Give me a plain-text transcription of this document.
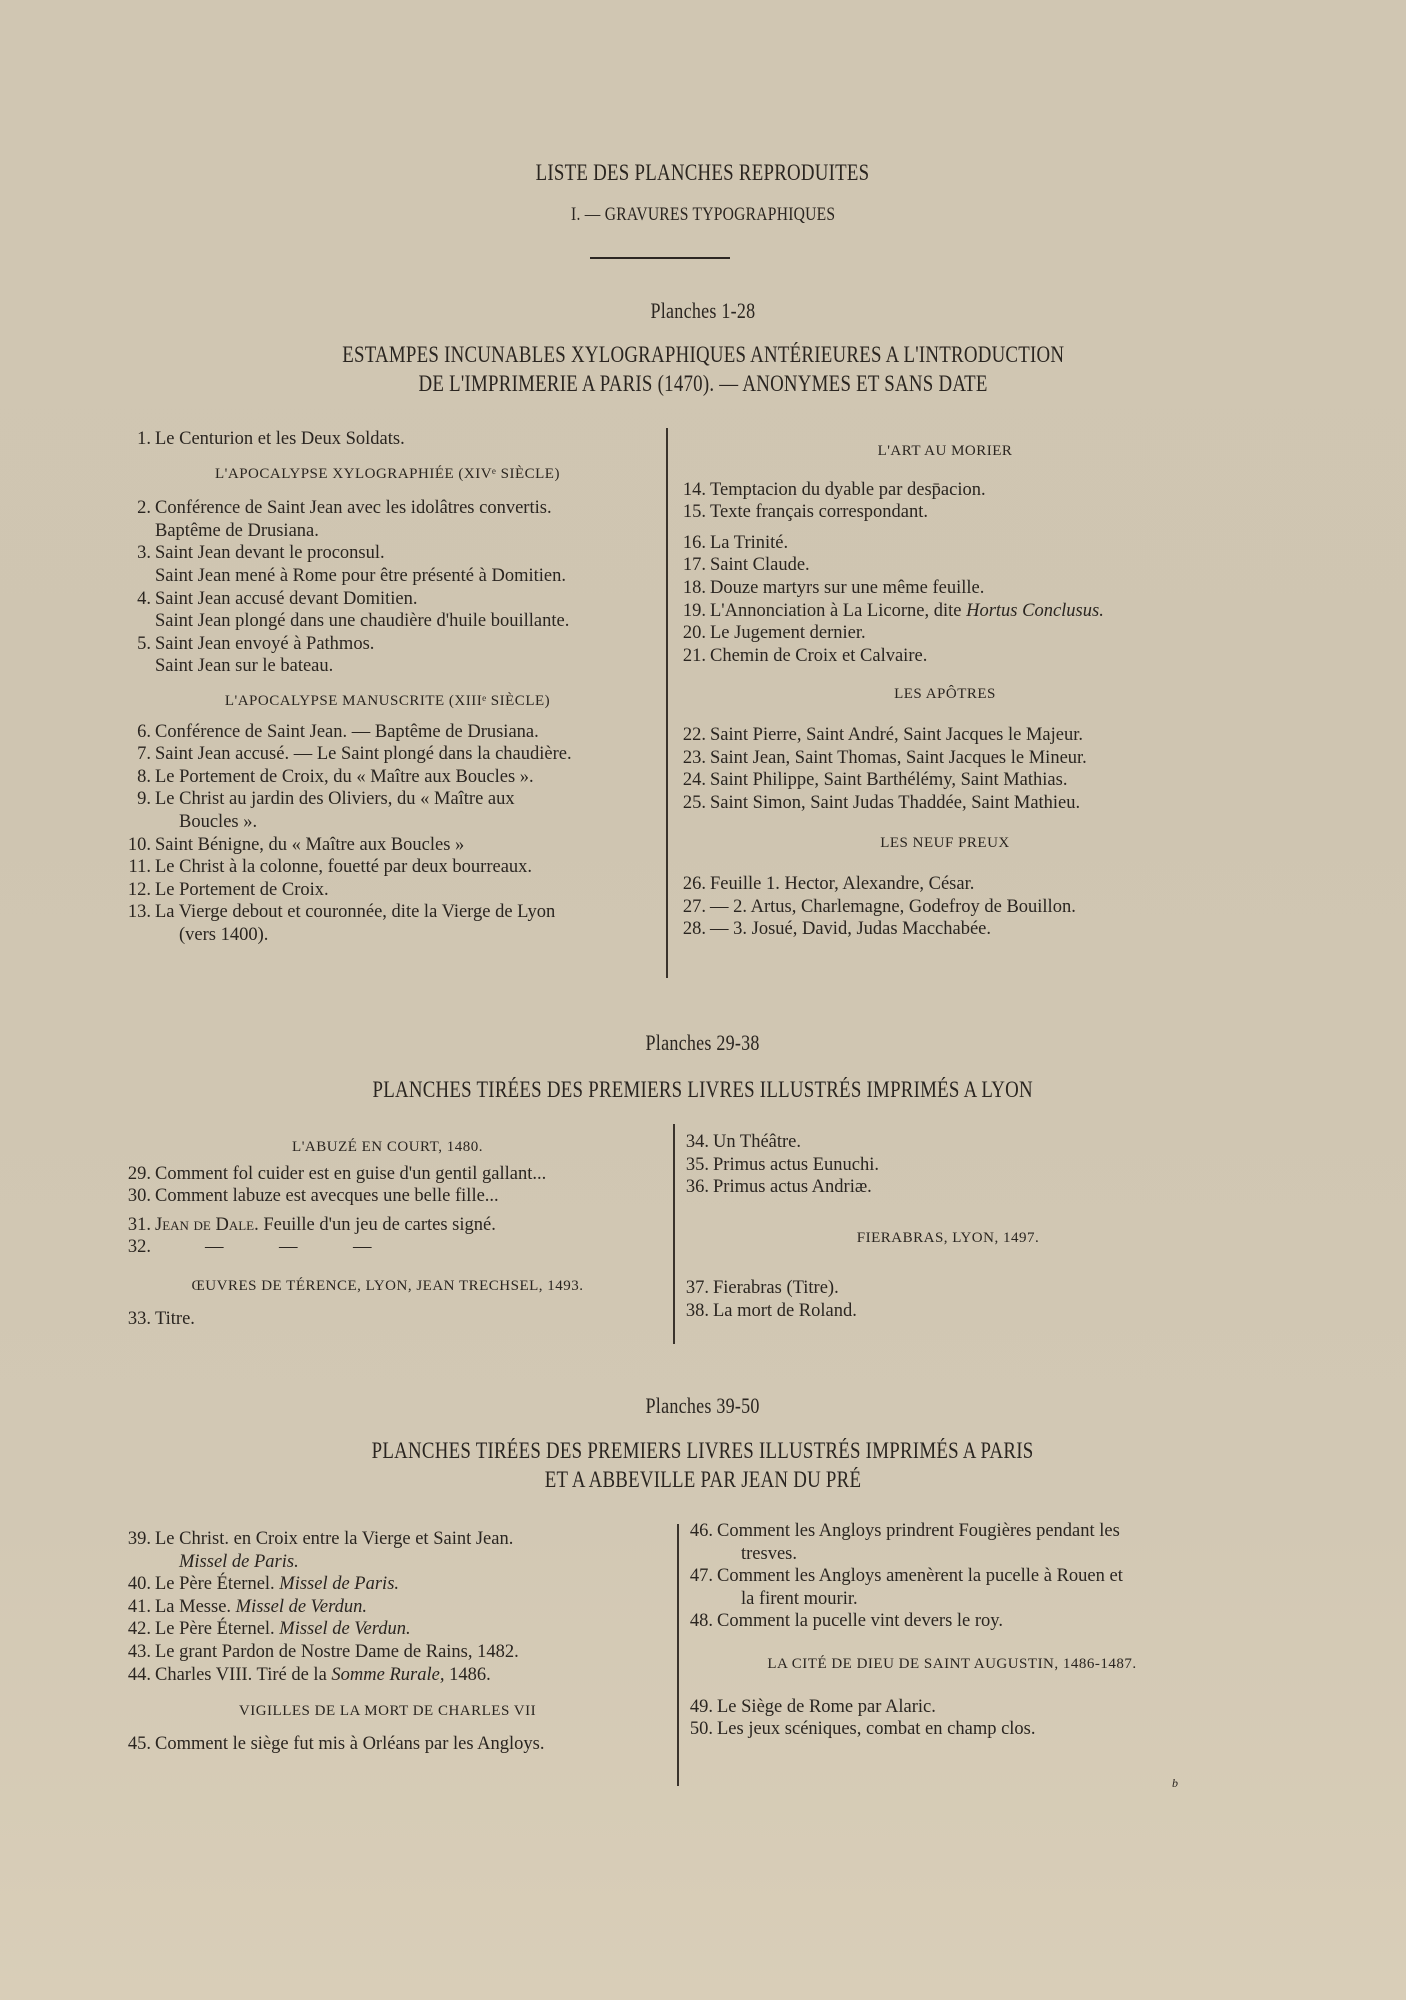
LISTE DES PLANCHES REPRODUITES
I. — GRAVURES TYPOGRAPHIQUES
Planches 1-28
ESTAMPES INCUNABLES XYLOGRAPHIQUES ANTÉRIEURES A L'INTRODUCTION
DE L'IMPRIMERIE A PARIS (1470). — ANONYMES ET SANS DATE
1. Le Centurion et les Deux Soldats.
L'APOCALYPSE XYLOGRAPHIÉE (XIVᵉ SIÈCLE)
2. Conférence de Saint Jean avec les idolâtres convertis.
Baptême de Drusiana.
3. Saint Jean devant le proconsul.
Saint Jean mené à Rome pour être présenté à Domitien.
4. Saint Jean accusé devant Domitien.
Saint Jean plongé dans une chaudière d'huile bouillante.
5. Saint Jean envoyé à Pathmos.
Saint Jean sur le bateau.
L'APOCALYPSE MANUSCRITE (XIIIᵉ SIÈCLE)
6. Conférence de Saint Jean. — Baptême de Drusiana.
7. Saint Jean accusé. — Le Saint plongé dans la chaudière.
8. Le Portement de Croix, du « Maître aux Boucles ».
9. Le Christ au jardin des Oliviers, du « Maître aux
Boucles ».
10. Saint Bénigne, du « Maître aux Boucles »
11. Le Christ à la colonne, fouetté par deux bourreaux.
12. Le Portement de Croix.
13. La Vierge debout et couronnée, dite la Vierge de Lyon
(vers 1400).
L'ART AU MORIER
14. Temptacion du dyable par desp̄acion.
15. Texte français correspondant.
16. La Trinité.
17. Saint Claude.
18. Douze martyrs sur une même feuille.
19. L'Annonciation à La Licorne, dite Hortus Conclusus.
20. Le Jugement dernier.
21. Chemin de Croix et Calvaire.
LES APÔTRES
22. Saint Pierre, Saint André, Saint Jacques le Majeur.
23. Saint Jean, Saint Thomas, Saint Jacques le Mineur.
24. Saint Philippe, Saint Barthélémy, Saint Mathias.
25. Saint Simon, Saint Judas Thaddée, Saint Mathieu.
LES NEUF PREUX
26. Feuille 1. Hector, Alexandre, César.
27. — 2. Artus, Charlemagne, Godefroy de Bouillon.
28. — 3. Josué, David, Judas Macchabée.
Planches 29-38
PLANCHES TIRÉES DES PREMIERS LIVRES ILLUSTRÉS IMPRIMÉS A LYON
L'ABUZÉ EN COURT, 1480.
29. Comment fol cuider est en guise d'un gentil gallant...
30. Comment labuze est avecques une belle fille...
31. Jean de Dale. Feuille d'un jeu de cartes signé.
32.	—            —            —
ŒUVRES DE TÉRENCE, LYON, JEAN TRECHSEL, 1493.
33. Titre.
34. Un Théâtre.
35. Primus actus Eunuchi.
36. Primus actus Andriæ.
FIERABRAS, LYON, 1497.
37. Fierabras (Titre).
38. La mort de Roland.
Planches 39-50
PLANCHES TIRÉES DES PREMIERS LIVRES ILLUSTRÉS IMPRIMÉS A PARIS
ET A ABBEVILLE PAR JEAN DU PRÉ
39. Le Christ. en Croix entre la Vierge et Saint Jean.
Missel de Paris.
40. Le Père Éternel. Missel de Paris.
41. La Messe. Missel de Verdun.
42. Le Père Éternel. Missel de Verdun.
43. Le grant Pardon de Nostre Dame de Rains, 1482.
44. Charles VIII. Tiré de la Somme Rurale, 1486.
VIGILLES DE LA MORT DE CHARLES VII
45. Comment le siège fut mis à Orléans par les Angloys.
46. Comment les Angloys prindrent Fougières pendant les
tresves.
47. Comment les Angloys amenèrent la pucelle à Rouen et
la firent mourir.
48. Comment la pucelle vint devers le roy.
LA CITÉ DE DIEU DE SAINT AUGUSTIN, 1486-1487.
49. Le Siège de Rome par Alaric.
50. Les jeux scéniques, combat en champ clos.
b
